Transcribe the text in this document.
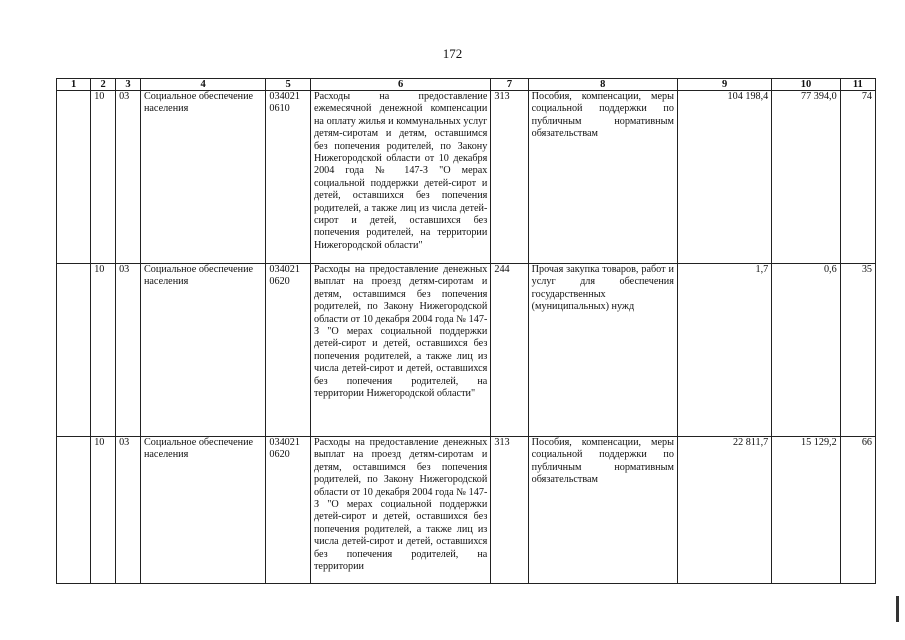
172
1	2	3	4	5	6	7	8	9	10	11
	10	03	Социальное обеспечение населения	034021 0610	Расходы на предоставление ежемесячной денежной компенсации на оплату жилья и коммунальных услуг детям-сиротам и детям, оставшимся без попечения родителей, по Закону Нижегородской области от 10 декабря 2004 года № 147-З "О мерах социальной поддержки детей-сирот и детей, оставшихся без попечения родителей, а также лиц из числа детей-сирот и детей, оставшихся без попечения родителей, на территории Нижегородской области"	313	Пособия, компенсации, меры социальной поддержки по публичным нормативным обязательствам	104 198,4	77 394,0	74
	10	03	Социальное обеспечение населения	034021 0620	Расходы на предоставление денежных выплат на проезд детям-сиротам и детям, оставшимся без попечения родителей, по Закону Нижегородской области от 10 декабря 2004 года № 147-З "О мерах социальной поддержки детей-сирот и детей, оставшихся без попечения родителей, а также лиц из числа детей-сирот и детей, оставшихся без попечения родителей, на территории Нижегородской области"	244	Прочая закупка товаров, работ и услуг для обеспечения государственных (муниципальных) нужд	1,7	0,6	35
	10	03	Социальное обеспечение населения	034021 0620	Расходы на предоставление денежных выплат на проезд детям-сиротам и детям, оставшимся без попечения родителей, по Закону Нижегородской области от 10 декабря 2004 года № 147-З "О мерах социальной поддержки детей-сирот и детей, оставшихся без попечения родителей, а также лиц из числа детей-сирот и детей, оставшихся без попечения родителей, на территории	313	Пособия, компенсации, меры социальной поддержки по публичным нормативным обязательствам	22 811,7	15 129,2	66
